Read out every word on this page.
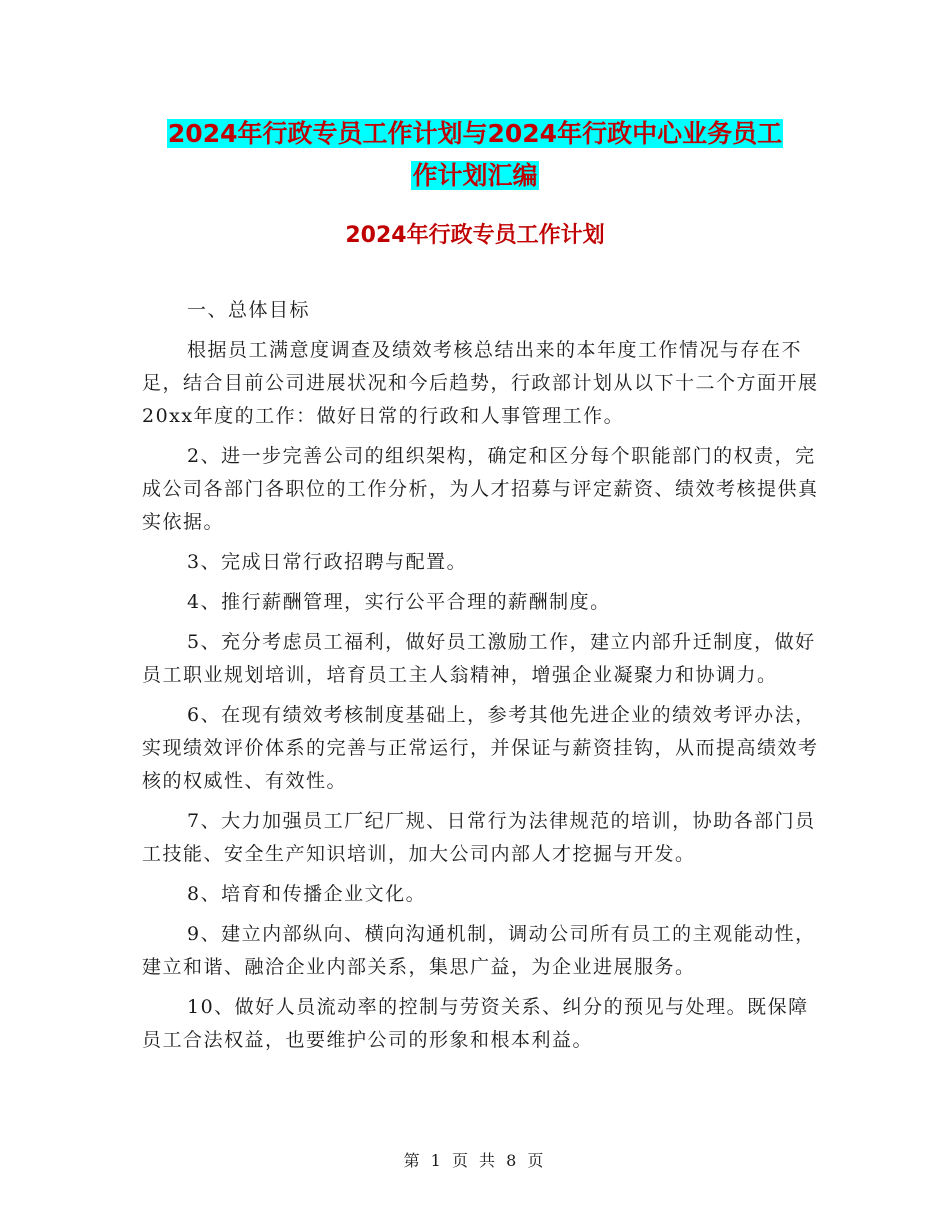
2024年行政专员工作计划与2024年行政中心业务员工
作计划汇编
2024年行政专员工作计划

一、总体目标

根据员工满意度调查及绩效考核总结出来的本年度工作情况与存在不足，结合目前公司进展状况和今后趋势，行政部计划从以下十二个方面开展20xx年度的工作：做好日常的行政和人事管理工作。

2、进一步完善公司的组织架构，确定和区分每个职能部门的权责，完成公司各部门各职位的工作分析，为人才招募与评定薪资、绩效考核提供真实依据。

3、完成日常行政招聘与配置。

4、推行薪酬管理，实行公平合理的薪酬制度。

5、充分考虑员工福利，做好员工激励工作，建立内部升迁制度，做好员工职业规划培训，培育员工主人翁精神，增强企业凝聚力和协调力。

6、在现有绩效考核制度基础上，参考其他先进企业的绩效考评办法，实现绩效评价体系的完善与正常运行，并保证与薪资挂钩，从而提高绩效考核的权威性、有效性。

7、大力加强员工厂纪厂规、日常行为法律规范的培训，协助各部门员工技能、安全生产知识培训，加大公司内部人才挖掘与开发。

8、培育和传播企业文化。

9、建立内部纵向、横向沟通机制，调动公司所有员工的主观能动性，建立和谐、融洽企业内部关系，集思广益，为企业进展服务。

10、做好人员流动率的控制与劳资关系、纠分的预见与处理。既保障员工合法权益，也要维护公司的形象和根本利益。

第 1 页 共 8 页
